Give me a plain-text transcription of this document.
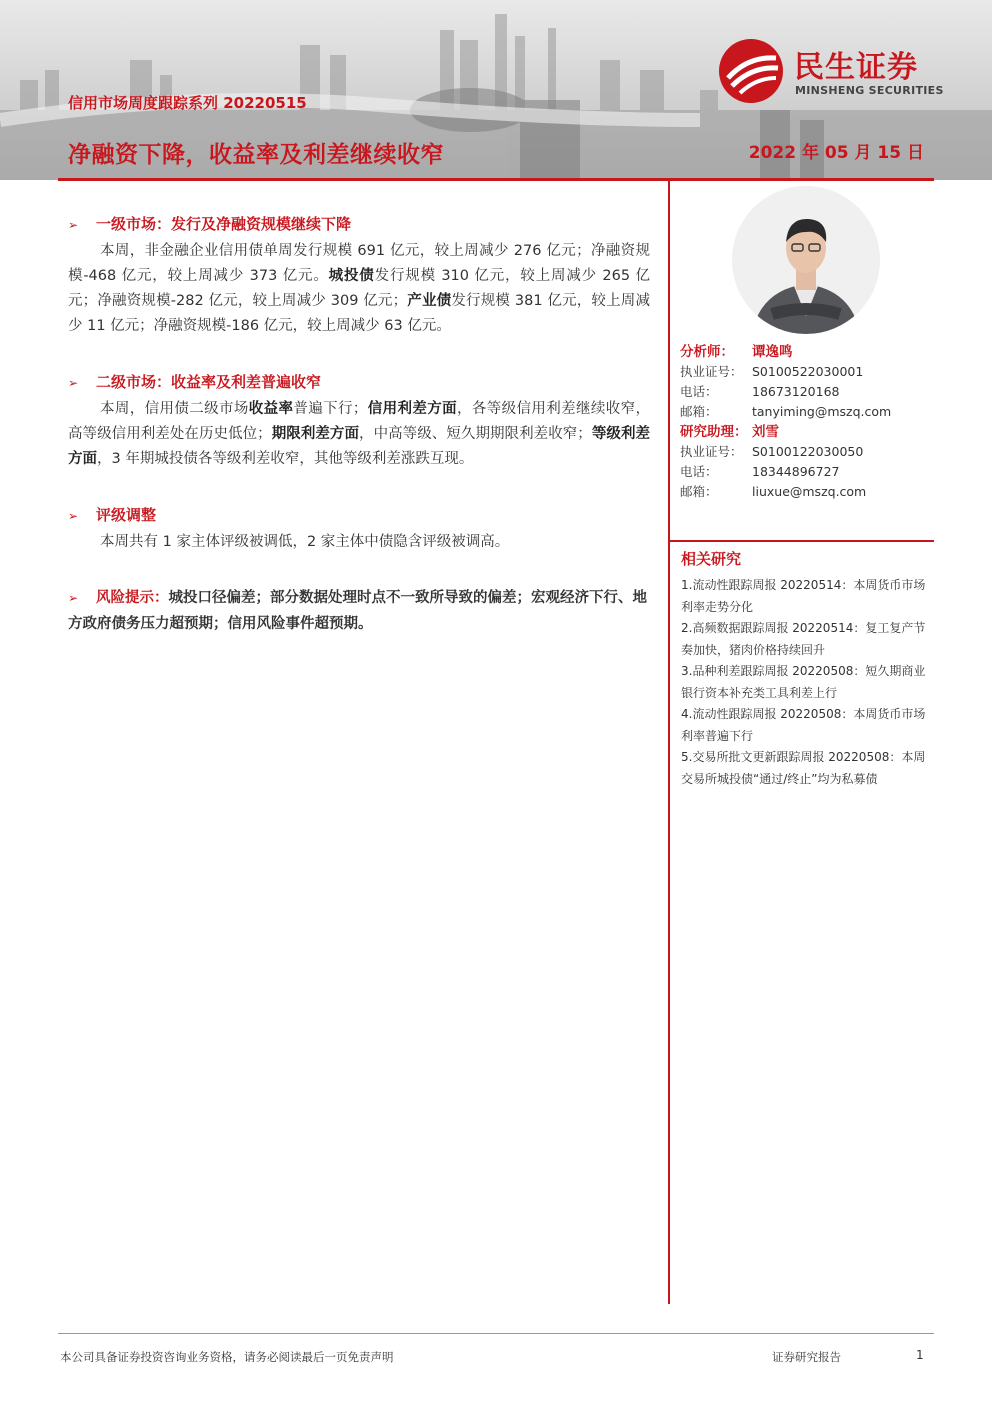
信用市场周度跟踪系列 20220515
净融资下降，收益率及利差继续收窄	2022 年 05 月 15 日
民生证券
MINSHENG SECURITIES
➢ 一级市场：发行及净融资规模继续下降
本周，非金融企业信用债单周发行规模 691 亿元，较上周减少 276 亿元；净融资规模-468 亿元，较上周减少 373 亿元。城投债发行规模 310 亿元，较上周减少 265 亿元；净融资规模-282 亿元，较上周减少 309 亿元；产业债发行规模 381 亿元，较上周减少 11 亿元；净融资规模-186 亿元，较上周减少 63 亿元。
➢ 二级市场：收益率及利差普遍收窄
本周，信用债二级市场收益率普遍下行；信用利差方面，各等级信用利差继续收窄，高等级信用利差处在历史低位；期限利差方面，中高等级、短久期期限利差收窄；等级利差方面，3 年期城投债各等级利差收窄，其他等级利差涨跌互现。
➢ 评级调整
本周共有 1 家主体评级被调低，2 家主体中债隐含评级被调高。
➢ 风险提示：城投口径偏差；部分数据处理时点不一致所导致的偏差；宏观经济下行、地方政府债务压力超预期；信用风险事件超预期。
分析师： 谭逸鸣
执业证号： S0100522030001
电话：	18673120168
邮箱：	tanyiming@mszq.com
研究助理： 刘雪
执业证号： S0100122030050
电话：	18344896727
邮箱：	liuxue@mszq.com
相关研究
1.流动性跟踪周报 20220514：本周货币市场利率走势分化
2.高频数据跟踪周报 20220514：复工复产节奏加快，猪肉价格持续回升
3.品种利差跟踪周报 20220508：短久期商业银行资本补充类工具利差上行
4.流动性跟踪周报 20220508：本周货币市场利率普遍下行
5.交易所批文更新跟踪周报 20220508：本周交易所城投债“通过/终止”均为私募债
本公司具备证券投资咨询业务资格，请务必阅读最后一页免责声明	证券研究报告	1
